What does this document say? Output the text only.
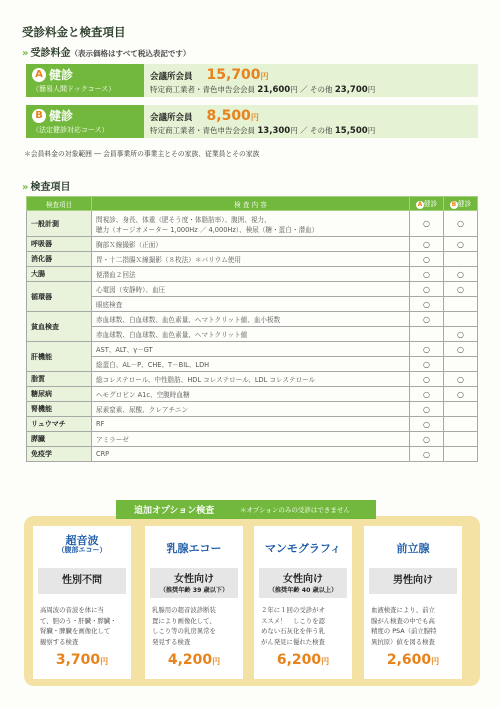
受診料金と検査項目
» 受診料金（表示価格はすべて税込表記です）
A 健診
（簡易人間ドックコース）
会議所会員 15,700円
特定商工業者・青色申告会会員 21,600円 ／ その他 23,700円
B 健診
（法定健診対応コース）
会議所会員 8,500円
特定商工業者・青色申告会会員 13,300円 ／ その他 15,500円
＊会員料金の対象範囲 ― 会員事業所の事業主とその家族、従業員とその家族
» 検査項目
検査項目	検 査 内 容	A 健診	B 健診
一般計測	問視診、身長、体重（肥そう度・体脂肪率）、腹囲、視力、
聴力（オージオメーター 1,000Hz ／ 4,000Hz）、検尿（糖・蛋白・潜血）	○	○
呼吸器	胸部Ｘ線撮影（正面）	○	○
消化器	胃・十二指腸Ｘ線撮影（８枚法）＊バリウム使用	○	
大腸	便潜血２回法	○	○
循環器	心電図（安静時）、血圧	○	○

	眼底検査	○	
貧血検査	赤血球数、白血球数、血色素量、ヘマトクリット値、血小板数	○	

	赤血球数、白血球数、血色素量、ヘマトクリット値		○
肝機能	AST、ALT、γ－GT	○	○

	総蛋白、AL－P、CHE、T－BIL、LDH	○	
脂質	総コレステロール、中性脂肪、HDL コレステロール、LDL コレステロール	○	○
糖尿病	ヘモグロビン A1c、空腹時血糖	○	○
腎機能	尿素窒素、尿酸、クレアチニン	○	
リュウマチ	RF	○	
膵臓	アミラーゼ	○	
免疫学	CRP	○	
追加オプション検査	＊オプションのみの受診はできません
超音波
（腹部エコー）
性別不問
高周波の音波を体に当
て、胆のう・肝臓・膵臓・
腎臓・脾臓を画像化して
観察する検査
3,700円
乳腺エコー
女性向け
（推奨年齢 39 歳以下）
乳腺用の超音波診断装
置により画像化して、
しこり等の乳房異常を
発見する検査
4,200円
マンモグラフィ
女性向け
（推奨年齢 40 歳以上）
２年に１回の受診がオ
ススメ！　しこりを認
めない石灰化を伴う乳
がん発見に優れた検査
6,200円
前立腺
男性向け
血液検査により、前立
腺がん検査の中でも高
精度の PSA（前立腺特
異抗原）値を図る検査
2,600円
